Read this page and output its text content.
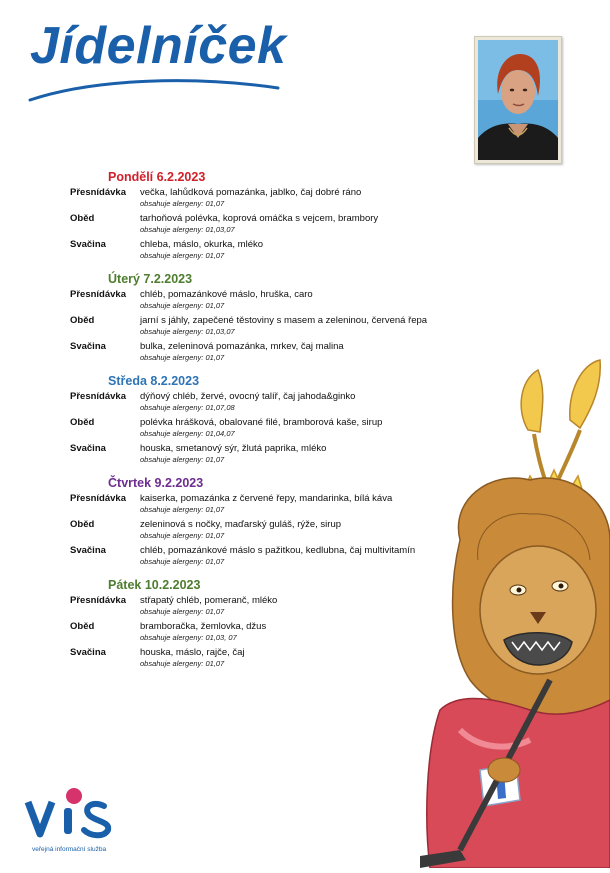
Jídelníček
Pondělí 6.2.2023
Přesnídávka	večka, lahůdková pomazánka, jablko, čaj dobré ráno
obsahuje alergeny: 01,07
Oběd	tarhoňová polévka, koprová omáčka s vejcem, brambory
obsahuje alergeny: 01,03,07
Svačina	chleba, máslo, okurka, mléko
obsahuje alergeny: 01,07
Úterý 7.2.2023
Přesnídávka	chléb, pomazánkové máslo, hruška, caro
obsahuje alergeny: 01,07
Oběd	jarní s jáhly, zapečené těstoviny s masem a zeleninou, červená řepa
obsahuje alergeny: 01,03,07
Svačina	bulka, zeleninová pomazánka, mrkev, čaj malina
obsahuje alergeny: 01,07
Středa 8.2.2023
Přesnídávka	dýňový chléb, žervé, ovocný talíř, čaj jahoda&ginko
obsahuje alergeny: 01,07,08
Oběd	polévka hrášková, obalované filé, bramborová kaše, sirup
obsahuje alergeny: 01,04,07
Svačina	houska, smetanový sýr, žlutá paprika, mléko
obsahuje alergeny: 01,07
Čtvrtek 9.2.2023
Přesnídávka	kaiserka, pomazánka z červené řepy, mandarinka, bílá káva
obsahuje alergeny: 01,07
Oběd	zeleninová s nočky, maďarský guláš, rýže, sirup
obsahuje alergeny: 01,07
Svačina	chléb, pomazánkové máslo s pažitkou, kedlubna, čaj multivitamín
obsahuje alergeny: 01,07
Pátek 10.2.2023
Přesnídávka	střapatý chléb, pomeranč, mléko
obsahuje alergeny: 01,07
Oběd	bramboračka, žemlovka, džus
obsahuje alergeny: 01,03, 07
Svačina	houska, máslo, rajče, čaj
obsahuje alergeny: 01,07
veřejná informační služba
